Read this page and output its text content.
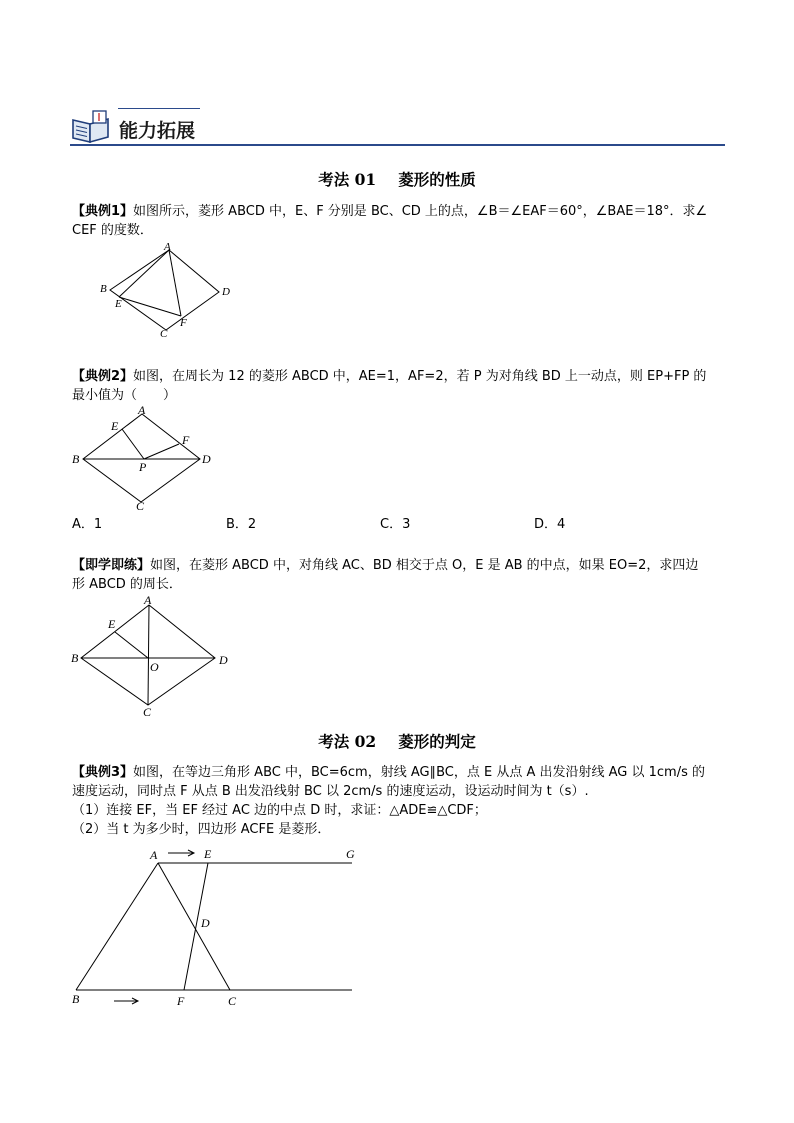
能力拓展
考法 01 菱形的性质
【典例1】如图所示，菱形 ABCD 中，E、F 分别是 BC、CD 上的点，∠B＝∠EAF＝60°，∠BAE＝18°．求∠
CEF 的度数．
A
B
C
D
E
F
【典例2】如图，在周长为 12 的菱形 ABCD 中，AE=1，AF=2，若 P 为对角线 BD 上一动点，则 EP+FP 的
最小值为（　　）
A
B
C
D
E
F
P
A．1	B．2	C．3	D．4
【即学即练】如图，在菱形 ABCD 中，对角线 AC、BD 相交于点 O，E 是 AB 的中点，如果 EO=2，求四边
形 ABCD 的周长．
A
B
C
D
E
O
考法 02 菱形的判定
【典例3】如图，在等边三角形 ABC 中，BC=6cm，射线 AG∥BC，点 E 从点 A 出发沿射线 AG 以 1cm/s 的
速度运动，同时点 F 从点 B 出发沿线射 BC 以 2cm/s 的速度运动，设运动时间为 t（s）.
（1）连接 EF，当 EF 经过 AC 边的中点 D 时，求证：△ADE≌△CDF；
（2）当 t 为多少时，四边形 ACFE 是菱形．
A	E	G
D
B	F	C
